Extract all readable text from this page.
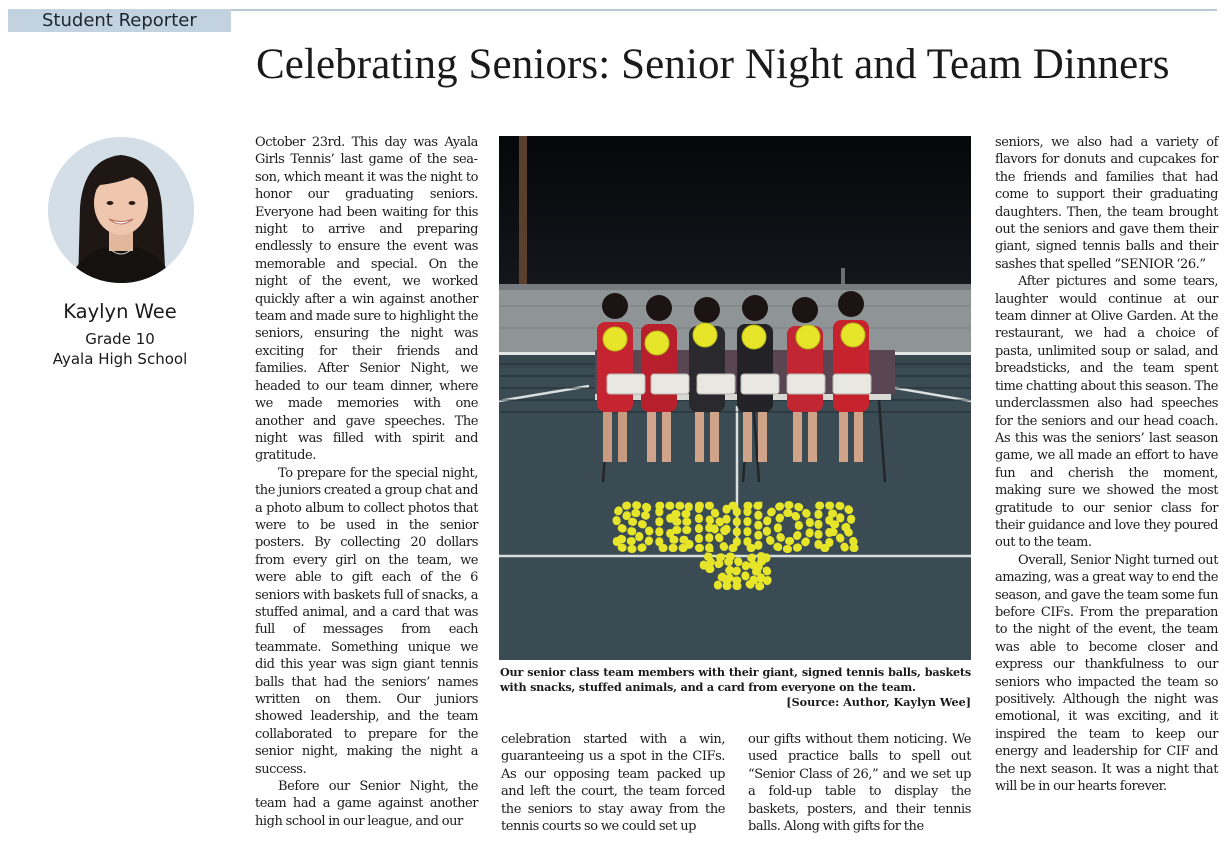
Student Reporter
Celebrating Seniors: Senior Night and Team Dinners
Kaylyn Wee
Grade 10
Ayala High School

October 23rd. This day was Ayala Girls Tennis’ last game of the season, which meant it was the night to honor our graduating seniors. Everyone had been waiting for this night to arrive and preparing endlessly to ensure the event was memorable and special. On the night of the event, we worked quickly after a win against another team and made sure to highlight the seniors, ensuring the night was exciting for their friends and families. After Senior Night, we headed to our team dinner, where we made memories with one another and gave speeches. The night was filled with spirit and gratitude.

To prepare for the special night, the juniors created a group chat and a photo album to collect photos that were to be used in the senior posters. By collecting 20 dollars from every girl on the team, we were able to gift each of the 6 seniors with baskets full of snacks, a stuffed animal, and a card that was full of messages from each teammate. Something unique we did this year was sign giant tennis balls that had the seniors’ names written on them. Our juniors showed leadership, and the team collaborated to prepare for the senior night, making the night a success.

Before our Senior Night, the team had a game against another high school in our league, and our

SENIOR
‘26
Our senior class team members with their giant, signed tennis balls, baskets with snacks, stuffed animals, and a card from everyone on the team.
[Source: Author, Kaylyn Wee]

celebration started with a win, guaranteeing us a spot in the CIFs. As our opposing team packed up and left the court, the team forced the seniors to stay away from the tennis courts so we could set up

our gifts without them noticing. We used practice balls to spell out “Senior Class of 26,” and we set up a fold-up table to display the baskets, posters, and their tennis balls. Along with gifts for the

seniors, we also had a variety of flavors for donuts and cupcakes for the friends and families that had come to support their graduating daughters. Then, the team brought out the seniors and gave them their giant, signed tennis balls and their sashes that spelled “SENIOR ‘26.”

After pictures and some tears, laughter would continue at our team dinner at Olive Garden. At the restaurant, we had a choice of pasta, unlimited soup or salad, and breadsticks, and the team spent time chatting about this season. The underclassmen also had speeches for the seniors and our head coach. As this was the seniors’ last season game, we all made an effort to have fun and cherish the moment, making sure we showed the most gratitude to our senior class for their guidance and love they poured out to the team.

Overall, Senior Night turned out amazing, was a great way to end the season, and gave the team some fun before CIFs. From the preparation to the night of the event, the team was able to become closer and express our thankfulness to our seniors who impacted the team so positively. Although the night was emotional, it was exciting, and it inspired the team to keep our energy and leadership for CIF and the next season. It was a night that will be in our hearts forever.
